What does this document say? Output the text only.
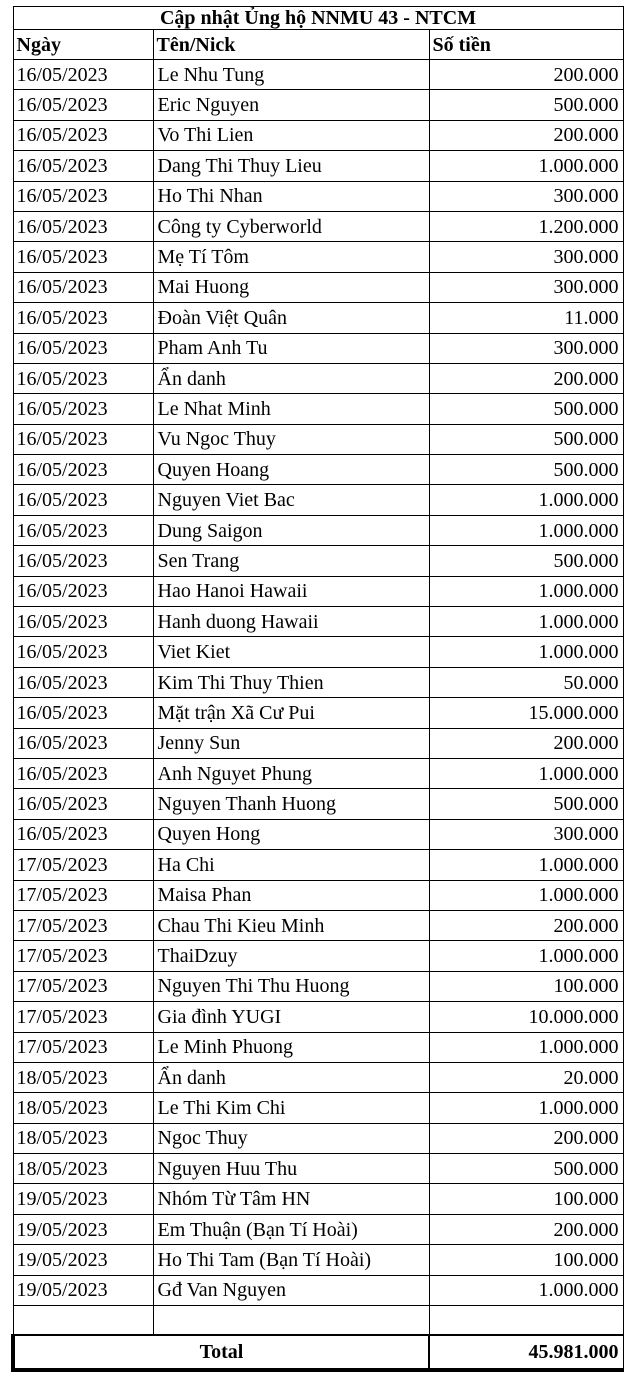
Cập nhật Ủng hộ NNMU 43 - NTCM		
Ngày	Tên/Nick	Số tiền
16/05/2023	Le Nhu Tung	200.000
16/05/2023	Eric Nguyen	500.000
16/05/2023	Vo Thi Lien	200.000
16/05/2023	Dang Thi Thuy Lieu	1.000.000
16/05/2023	Ho Thi Nhan	300.000
16/05/2023	Công ty Cyberworld	1.200.000
16/05/2023	Mẹ Tí Tôm	300.000
16/05/2023	Mai Huong	300.000
16/05/2023	Đoàn Việt Quân	11.000
16/05/2023	Pham Anh Tu	300.000
16/05/2023	Ẩn danh	200.000
16/05/2023	Le Nhat Minh	500.000
16/05/2023	Vu Ngoc Thuy	500.000
16/05/2023	Quyen Hoang	500.000
16/05/2023	Nguyen Viet Bac	1.000.000
16/05/2023	Dung Saigon	1.000.000
16/05/2023	Sen Trang	500.000
16/05/2023	Hao Hanoi Hawaii	1.000.000
16/05/2023	Hanh duong Hawaii	1.000.000
16/05/2023	Viet Kiet	1.000.000
16/05/2023	Kim Thi Thuy Thien	50.000
16/05/2023	Mặt trận Xã Cư Pui	15.000.000
16/05/2023	Jenny Sun	200.000
16/05/2023	Anh Nguyet Phung	1.000.000
16/05/2023	Nguyen Thanh Huong	500.000
16/05/2023	Quyen Hong	300.000
17/05/2023	Ha Chi	1.000.000
17/05/2023	Maisa Phan	1.000.000
17/05/2023	Chau Thi Kieu Minh	200.000
17/05/2023	ThaiDzuy	1.000.000
17/05/2023	Nguyen Thi Thu Huong	100.000
17/05/2023	Gia đình YUGI	10.000.000
17/05/2023	Le Minh Phuong	1.000.000
18/05/2023	Ẩn danh	20.000
18/05/2023	Le Thi Kim Chi	1.000.000
18/05/2023	Ngoc Thuy	200.000
18/05/2023	Nguyen Huu Thu	500.000
19/05/2023	Nhóm Từ Tâm HN	100.000
19/05/2023	Em Thuận (Bạn Tí Hoài)	200.000
19/05/2023	Ho Thi Tam (Bạn Tí Hoài)	100.000
19/05/2023	Gđ Van Nguyen	1.000.000

Total		45.981.000
